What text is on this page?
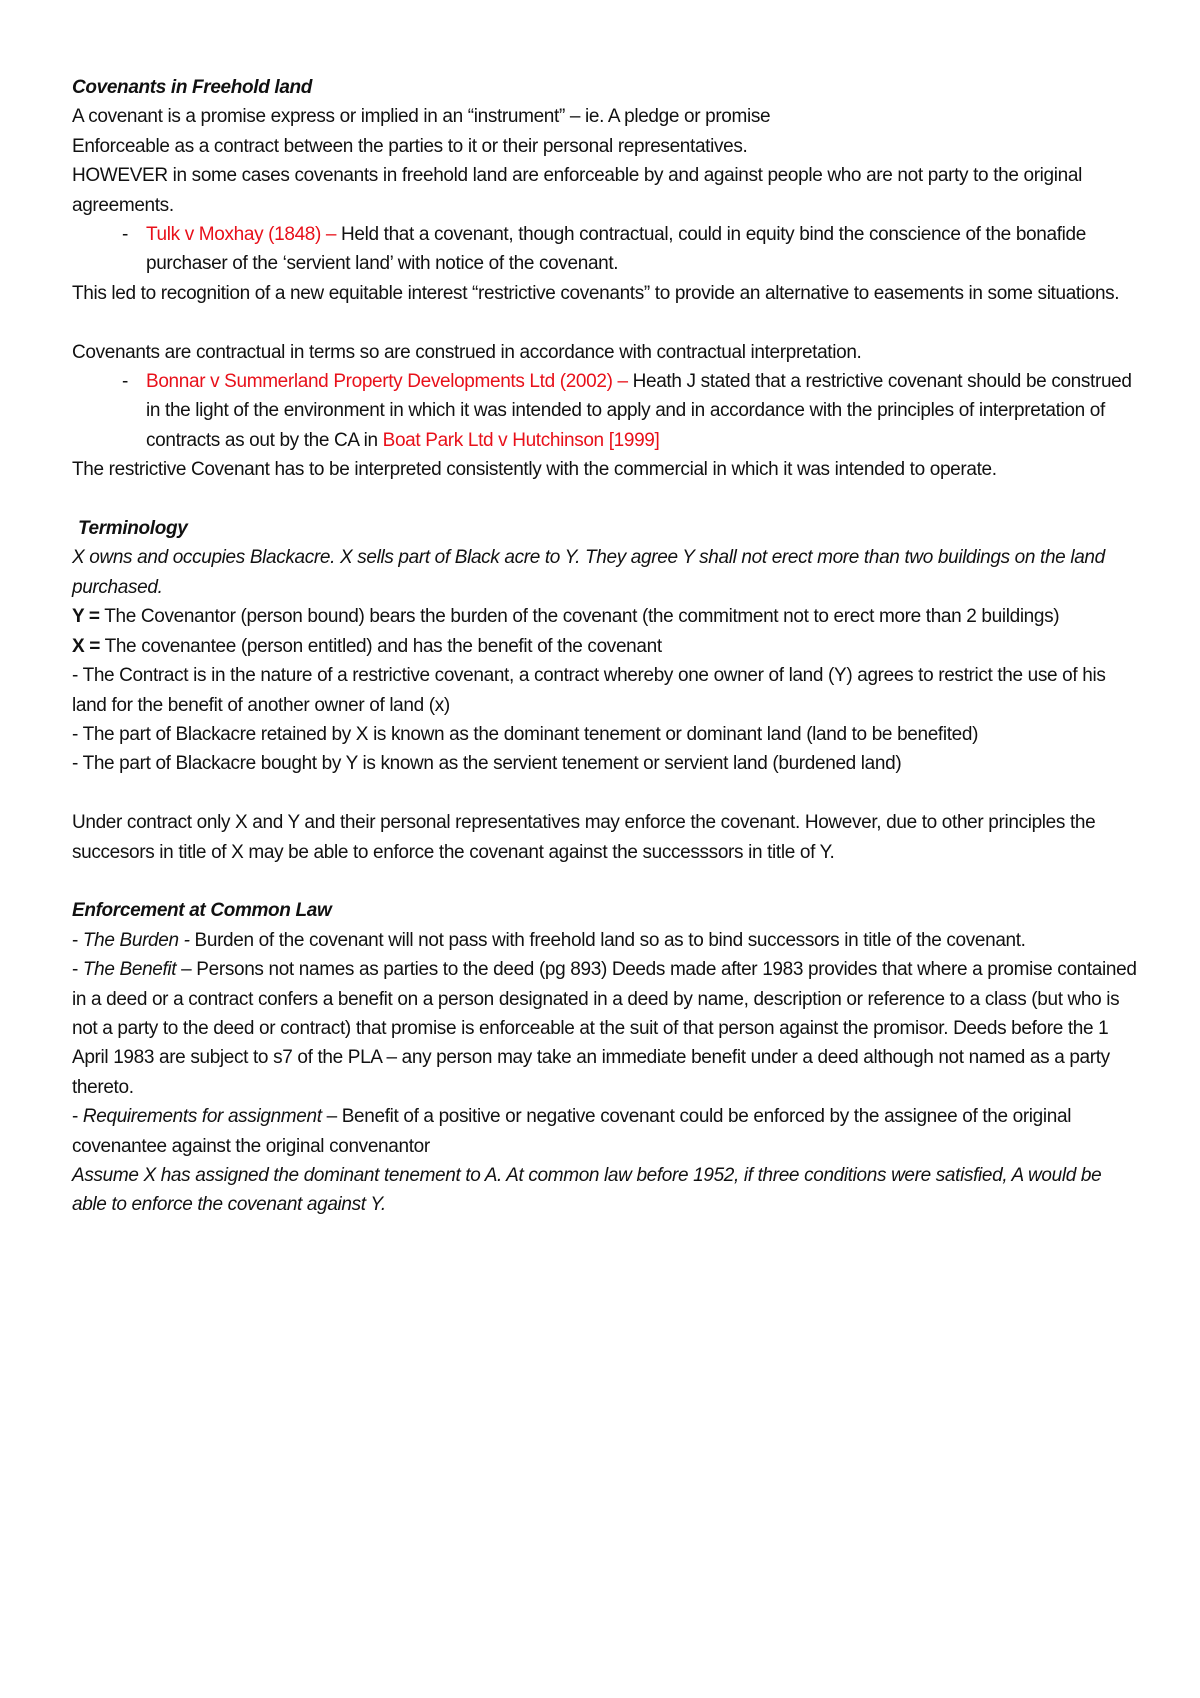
Covenants in Freehold land

A covenant is a promise express or implied in an “instrument” – ie. A pledge or promise

Enforceable as a contract between the parties to it or their personal representatives.

HOWEVER in some cases covenants in freehold land are enforceable by and against people who are not party to the original agreements.

- Tulk v Moxhay (1848) – Held that a covenant, though contractual, could in equity bind the conscience of the bonafide purchaser of the ‘servient land’ with notice of the covenant.

This led to recognition of a new equitable interest “restrictive covenants” to provide an alternative to easements in some situations.

Covenants are contractual in terms so are construed in accordance with contractual interpretation.

- Bonnar v Summerland Property Developments Ltd (2002) – Heath J stated that a restrictive covenant should be construed in the light of the environment in which it was intended to apply and in accordance with the principles of interpretation of contracts as out by the CA in Boat Park Ltd v Hutchinson [1999]

The restrictive Covenant has to be interpreted consistently with the commercial in which it was intended to operate.

Terminology

X owns and occupies Blackacre. X sells part of Black acre to Y. They agree Y shall not erect more than two buildings on the land purchased.

Y = The Covenantor (person bound) bears the burden of the covenant (the commitment not to erect more than 2 buildings)

X = The covenantee (person entitled) and has the benefit of the covenant

- The Contract is in the nature of a restrictive covenant, a contract whereby one owner of land (Y) agrees to restrict the use of his land for the benefit of another owner of land (x)

- The part of Blackacre retained by X is known as the dominant tenement or dominant land (land to be benefited)

- The part of Blackacre bought by Y is known as the servient tenement or servient land (burdened land)

Under contract only X and Y and their personal representatives may enforce the covenant. However, due to other principles the succesors in title of X may be able to enforce the covenant against the successsors in title of Y.

Enforcement at Common Law

- The Burden - Burden of the covenant will not pass with freehold land so as to bind successors in title of the covenant.

- The Benefit – Persons not names as parties to the deed (pg 893) Deeds made after 1983 provides that where a promise contained in a deed or a contract confers a benefit on a person designated in a deed by name, description or reference to a class (but who is not a party to the deed or contract) that promise is enforceable at the suit of that person against the promisor. Deeds before the 1 April 1983 are subject to s7 of the PLA – any person may take an immediate benefit under a deed although not named as a party thereto.

- Requirements for assignment – Benefit of a positive or negative covenant could be enforced by the assignee of the original covenantee against the original convenantor

Assume X has assigned the dominant tenement to A. At common law before 1952, if three conditions were satisfied, A would be able to enforce the covenant against Y.
